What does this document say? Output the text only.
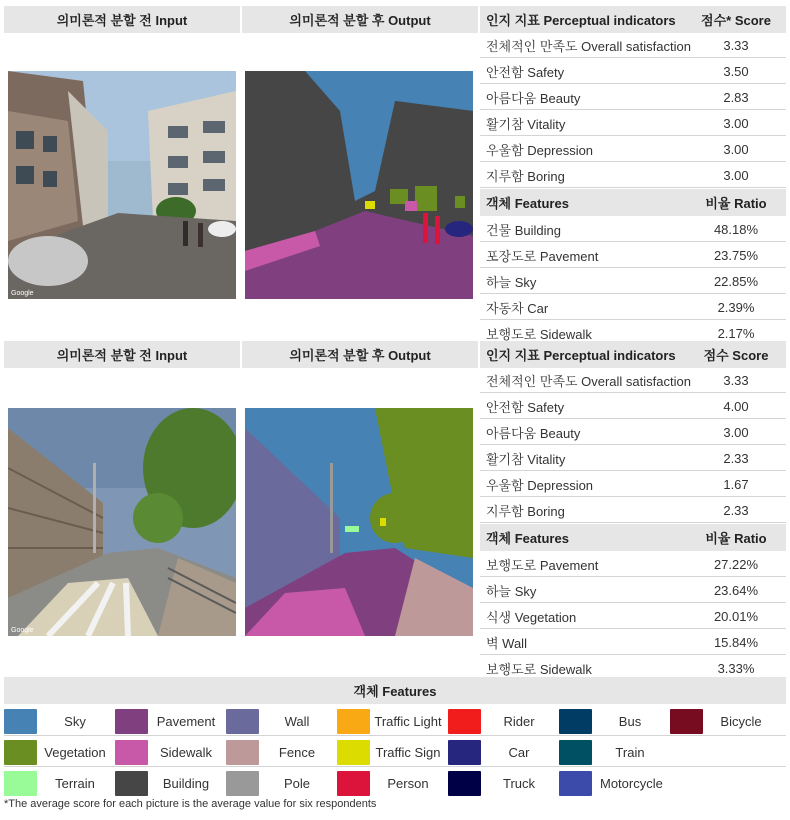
의미론적 분할 전 Input	의미론적 분할 후 Output
Google
인지 지표 Perceptual indicators	점수* Score
전체적인 만족도 Overall satisfaction	3.33
안전함 Safety	3.50
아름다움 Beauty	2.83
활기참 Vitality	3.00
우울함 Depression	3.00
지루함 Boring	3.00
객체 Features	비율 Ratio
건물 Building	48.18%
포장도로 Pavement	23.75%
하늘 Sky	22.85%
자동차 Car	2.39%
보행도로 Sidewalk	2.17%
의미론적 분할 전 Input	의미론적 분할 후 Output
Google
인지 지표 Perceptual indicators	점수 Score
전체적인 만족도 Overall satisfaction	3.33
안전함 Safety	4.00
아름다움 Beauty	3.00
활기참 Vitality	2.33
우울함 Depression	1.67
지루함 Boring	2.33
객체 Features	비율 Ratio
보행도로 Pavement	27.22%
하늘 Sky	23.64%
식생 Vegetation	20.01%
벽 Wall	15.84%
보행도로 Sidewalk	3.33%
객체 Features
Sky	Pavement	Wall	Traffic Light	Rider	Bus	Bicycle
Vegetation	Sidewalk	Fence	Traffic Sign	Car	Train
Terrain	Building	Pole	Person	Truck	Motorcycle
*The average score for each picture is the average value for six respondents
